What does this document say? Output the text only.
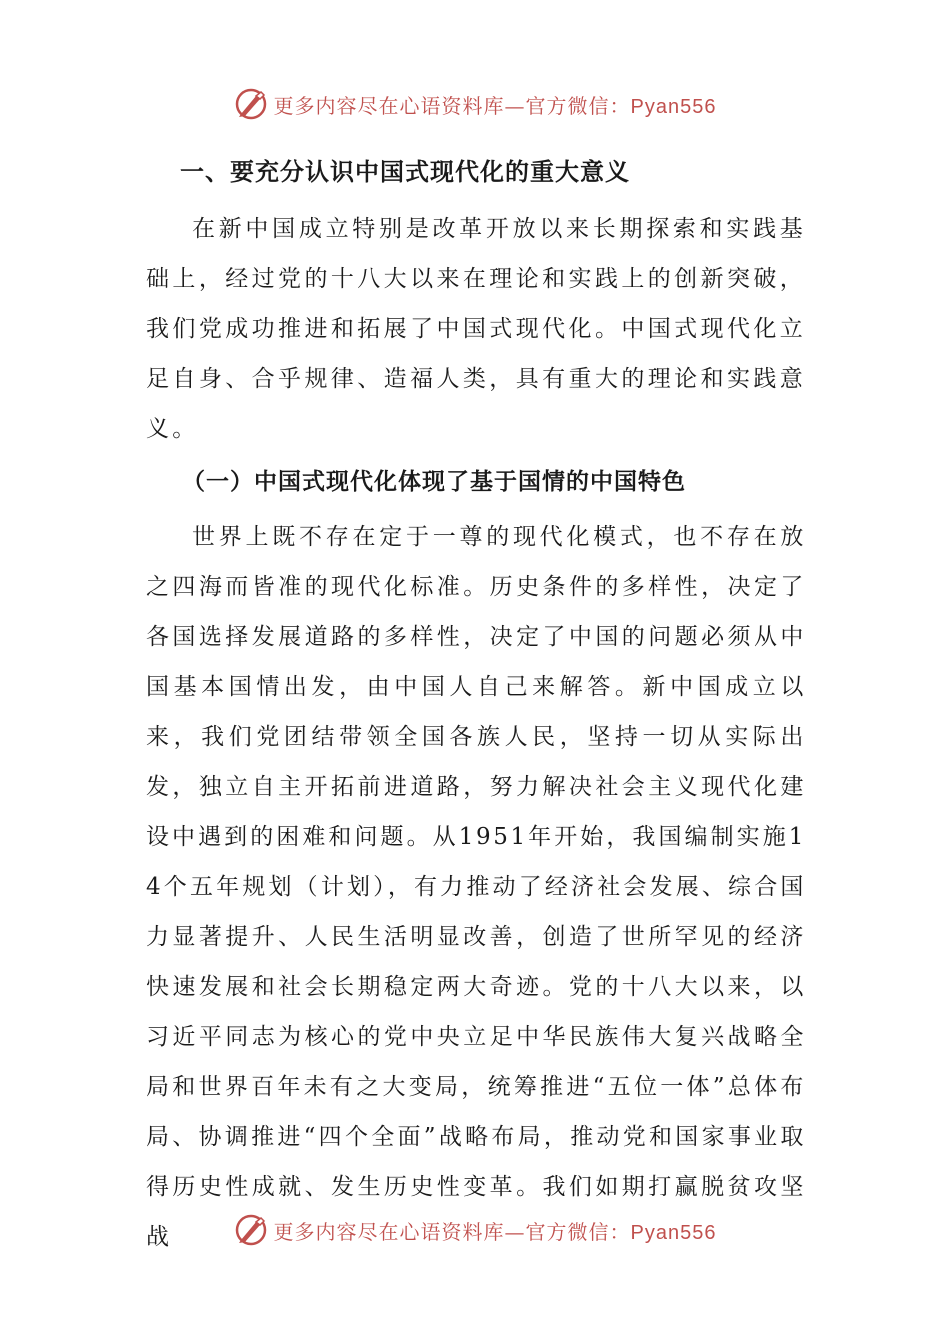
更多内容尽在心语资料库—官方微信：Pyan556
一、要充分认识中国式现代化的重大意义

在新中国成立特别是改革开放以来长期探索和实践基础上，经过党的十八大以来在理论和实践上的创新突破，我们党成功推进和拓展了中国式现代化。中国式现代化立足自身、合乎规律、造福人类，具有重大的理论和实践意义。

（一）中国式现代化体现了基于国情的中国特色

世界上既不存在定于一尊的现代化模式，也不存在放之四海而皆准的现代化标准。历史条件的多样性，决定了各国选择发展道路的多样性，决定了中国的问题必须从中国基本国情出发，由中国人自己来解答。新中国成立以来，我们党团结带领全国各族人民，坚持一切从实际出发，独立自主开拓前进道路，努力解决社会主义现代化建设中遇到的困难和问题。从1951年开始，我国编制实施14个五年规划（计划），有力推动了经济社会发展、综合国力显著提升、人民生活明显改善，创造了世所罕见的经济快速发展和社会长期稳定两大奇迹。党的十八大以来，以习近平同志为核心的党中央立足中华民族伟大复兴战略全局和世界百年未有之大变局，统筹推进“五位一体”总体布局、协调推进“四个全面”战略布局，推动党和国家事业取得历史性成就、发生历史性变革。我们如期打赢脱贫攻坚战	更多内容尽在心语资料库—官方微信：Pyan556
